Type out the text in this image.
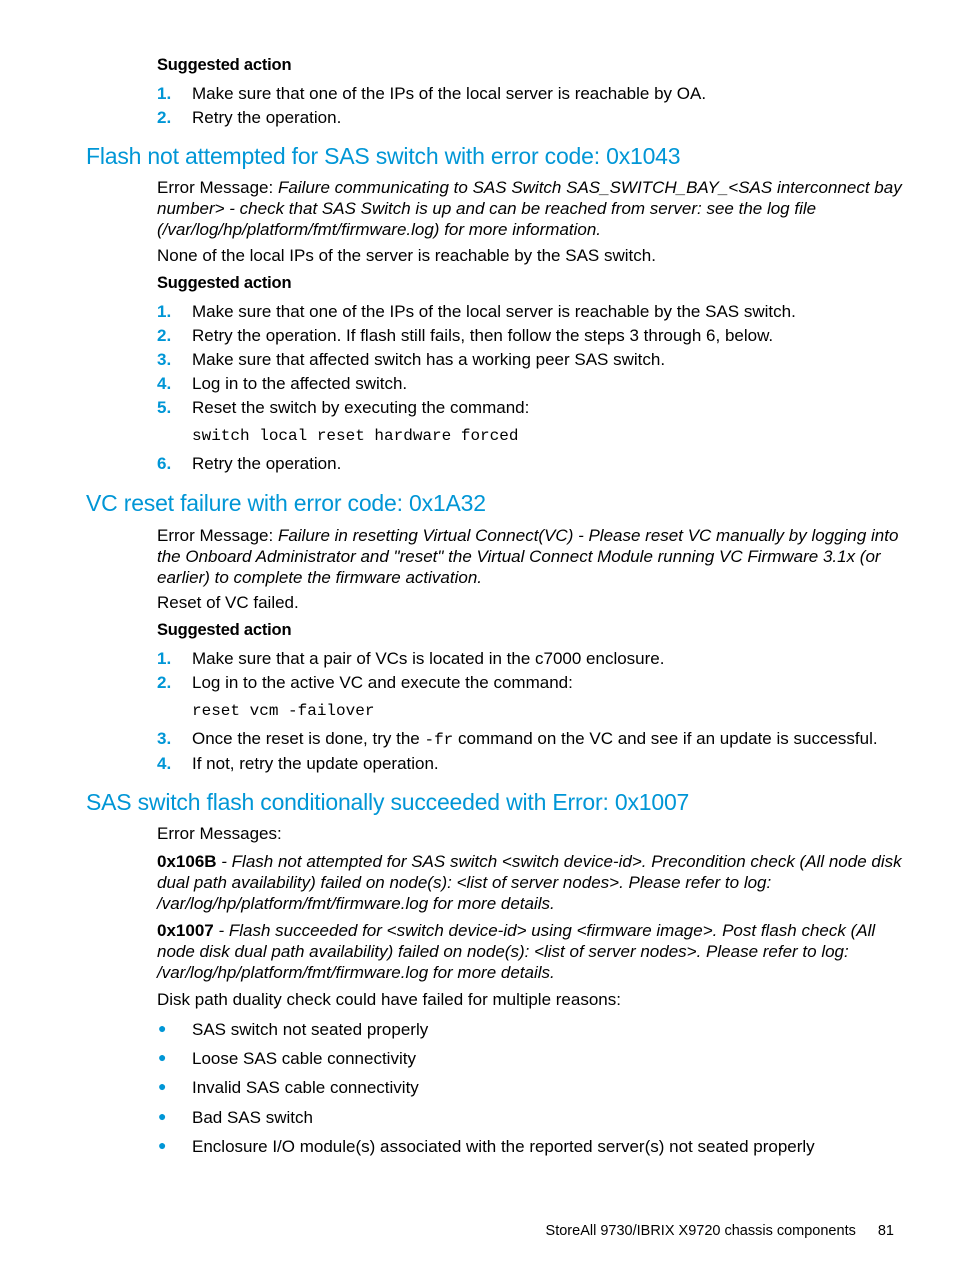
Suggested action
1. Make sure that one of the IPs of the local server is reachable by OA.
2. Retry the operation.
Flash not attempted for SAS switch with error code: 0x1043
Error Message: Failure communicating to SAS Switch SAS_SWITCH_BAY_<SAS interconnect bay
number> - check that SAS Switch is up and can be reached from server: see the log file
(/var/log/hp/platform/fmt/firmware.log) for more information.
None of the local IPs of the server is reachable by the SAS switch.
Suggested action
1. Make sure that one of the IPs of the local server is reachable by the SAS switch.
2. Retry the operation. If flash still fails, then follow the steps 3 through 6, below.
3. Make sure that affected switch has a working peer SAS switch.
4. Log in to the affected switch.
5. Reset the switch by executing the command:
switch local reset hardware forced
6. Retry the operation.
VC reset failure with error code: 0x1A32
Error Message: Failure in resetting Virtual Connect(VC) - Please reset VC manually by logging into
the Onboard Administrator and "reset" the Virtual Connect Module running VC Firmware 3.1x (or
earlier) to complete the firmware activation.
Reset of VC failed.
Suggested action
1. Make sure that a pair of VCs is located in the c7000 enclosure.
2. Log in to the active VC and execute the command:
reset vcm -failover
3. Once the reset is done, try the -fr command on the VC and see if an update is successful.
4. If not, retry the update operation.
SAS switch flash conditionally succeeded with Error: 0x1007
Error Messages:
0x106B - Flash not attempted for SAS switch <switch device-id>. Precondition check (All node disk
dual path availability) failed on node(s): <list of server nodes>. Please refer to log:
/var/log/hp/platform/fmt/firmware.log for more details.
0x1007 - Flash succeeded for <switch device-id> using <firmware image>. Post flash check (All
node disk dual path availability) failed on node(s): <list of server nodes>. Please refer to log:
/var/log/hp/platform/fmt/firmware.log for more details.
Disk path duality check could have failed for multiple reasons:
● SAS switch not seated properly
● Loose SAS cable connectivity
● Invalid SAS cable connectivity
● Bad SAS switch
● Enclosure I/O module(s) associated with the reported server(s) not seated properly
StoreAll 9730/IBRIX X9720 chassis components 81
